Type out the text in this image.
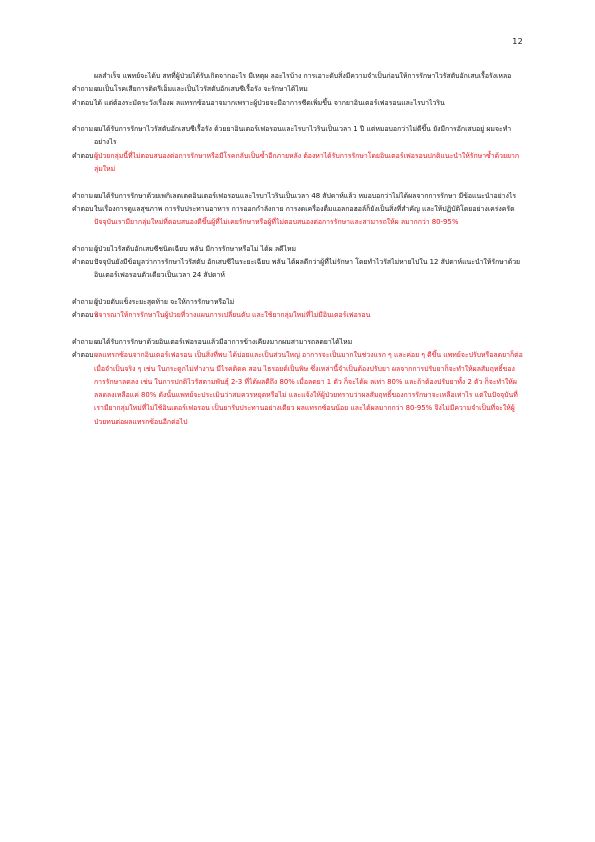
12
ผลสำเร็จ แพทย์จะได้บ สทที่ผู้ป่วยได้รับเกิดจากอะไร มีเหตุผ ลอะไรบ้าง การเอาะดับสิ่งมีความจำเป็นก่อนให้การรักษาไวรัสตับอักเสบเรื้อรังเหลอ
คำถาม :
ผมเป็นโรคเสียการติดรีเอ็มและเป็นไวรัสตับอักเสบซีเรื้อรัง จะรักษาได้ไหม
คำตอบ :
ได้ แต่ต้องระมัดระวังเรื่องผ ลแทรกซ้อนอาจมากเพราะผู้ป่วยจะมีอาการซีดเพิ่มขึ้น จากยาอินเตอร์เฟอรอนและไรบาไวริน
คำถาม :
ผมได้รับการรักษาไวรัสตับอักเสบซีเรื้อรัง ด้วยยาอินเตอร์เฟอรอนและไรบาไวรินเป็นเวลา 1 ปี แต่หมอบอกว่าไม่ดีขึ้น ยังมีการอักเสบอยู่ ผมจะทำอย่างไร
คำตอบ :
ผู้ป่วยกลุ่มนี้ที่ไม่ตอบสนองต่อการรักษาหรือมีโรคกลับเป็นซ้ำอีกภายหลัง ต้องหาได้รับการรักษาโดยอินเตอร์เฟอรอนปกติแนะนำให้รักษาซ้ำด้วยยากลุ่มใหม่
คำถาม :
ผมได้รับการรักษาด้วยเพกิเลตเตดอินเตอร์เฟอรอนและไรบาไวรินเป็นเวลา 48 สัปดาห์แล้ว หมอบอกว่าไม่ได้ผลจากการรักษา มีข้อแนะนำอย่างไร
คำตอบ :
ในเรื่องการดูแลสุขภาพ การรับประทานอาหาร การออกกำลังกาย การงดเครื่องดื่มแอลกอฮอล์ก็ยังเป็นสิ่งที่สำคัญ และให้ปฏิบัติโดยอย่างเคร่งครัด ปัจจุบันเรามียากลุ่มใหม่ที่ตอบสนองดีขึ้นผู้ที่ไม่เคยรักษาหรือผู้ที่ไม่ตอบสนองต่อการรักษาและสามารถให้ผ ลมากกว่า 80-95%
คำถาม :
ผู้ป่วยไวรัสตับอักเสบซีชนิดเฉียบ พลัน มีการรักษาหรือไม่ ได้ผ ลดีไหม
คำตอบ :
ปัจจุบันยังมีข้อมูลว่าการรักษาไวรัสตับ อักเสบซีในระยะเฉียบ พลัน ได้ผลดีกว่าผู้ที่ไม่รักษา โดยทำไวรัสไม่หายไปใน 12 สัปดาห์แนะนำให้รักษาด้วยอินเตอร์เฟอรอนตัวเดียวเป็นเวลา 24 สัปดาห์
คำถาม :
ผู้ป่วยตับแข็งระยะสุดท้าย จะให้การรักษาหรือไม่
คำตอบ :
พิจารณาให้การรักษาในผู้ป่วยที่วางแผนการเปลี่ยนตับ และใช้ยากลุ่มใหม่ที่ไม่มีอินเตอร์เฟอรอน
คำถาม :
ผมได้รับการรักษาด้วยอินเตอร์เฟอรอนแล้วมีอาการข้างเคียงมากผมสามารถลดยาได้ไหม
คำตอบ :
ผลแทรกซ้อนจากอินเตอร์เฟอรอน เป็นสิ่งที่พบ ได้บ่อยและเป็นส่วนใหญ่ อาการจะเป็นมากในช่วงแรก ๆ และค่อย ๆ ดีขึ้น แพทย์จะปรับหรือลดยาก็ต่อเมื่อจำเป็นจริง ๆ เช่น ในกระดูกไม่ทำงาน มีไรคติดค สอน ไธรอยด์เป็นพิษ ซึ่งเหล่านี้จำเป็นต้องปรับยา ผลจากการปรับยาก็จะทำให้ผลสัมฤทธิ์ของการรักษาลดลง เช่น ในการปกติไวรัสตามพันธุ์ 2-3 ที่ได้ผลดีถึง 80% เมื่อลดยา 1 ตัว ก็จะได้ผ ลเท่า 80% และถ้าต้องปรับยาทั้ง 2 ตัว ก็จะทำให้ผ ลลดลงเหลือแค่ 80% ดังนั้นแพทย์จะประเมินว่าสมควรหยุดหรือไม่ และแจ้งให้ผู้ป่วยทราบว่าผลสัมฤทธิ์ของการรักษาจะเหลือเท่าไร แต่ในปัจจุบันที่เรามียากลุ่มใหม่ที่ไม่ใช้อินเตอร์เฟอรอน เป็นยารับประทานอย่างเดียว ผลแทรกซ้อนน้อย และได้ผลมากกว่า 80-95% จึงไม่มีความจำเป็นที่จะให้ผู้ป่วยทนต่อผลแทรกซ้อนอีกต่อไป
